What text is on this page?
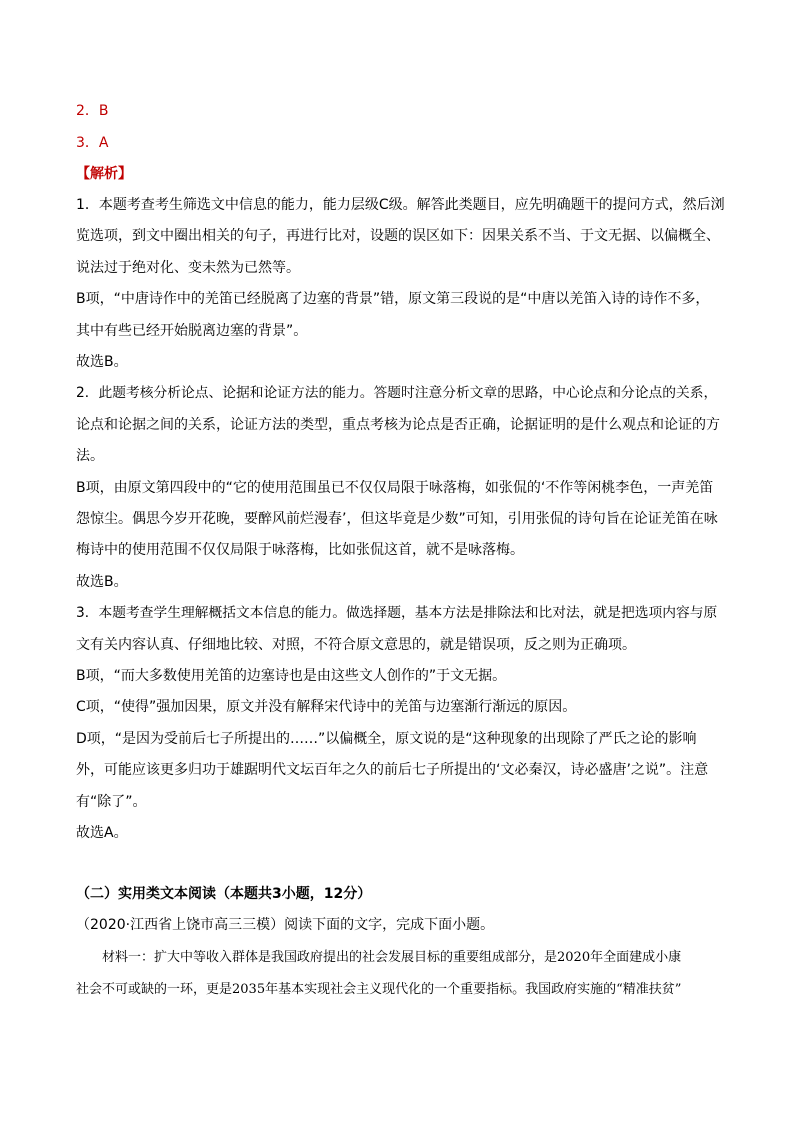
2．B
3．A
【解析】
1．本题考查考生筛选文中信息的能力，能力层级C级。解答此类题目，应先明确题干的提问方式，然后浏
览选项，到文中圈出相关的句子，再进行比对，设题的误区如下：因果关系不当、于文无据、以偏概全、
说法过于绝对化、变未然为已然等。
B项，“中唐诗作中的羌笛已经脱离了边塞的背景”错，原文第三段说的是“中唐以羌笛入诗的诗作不多，
其中有些已经开始脱离边塞的背景”。
故选B。
2．此题考核分析论点、论据和论证方法的能力。答题时注意分析文章的思路，中心论点和分论点的关系，
论点和论据之间的关系，论证方法的类型，重点考核为论点是否正确，论据证明的是什么观点和论证的方
法。
B项，由原文第四段中的“它的使用范围虽已不仅仅局限于咏落梅，如张侃的‘不作等闲桃李色，一声羌笛
怨惊尘。偶思今岁开花晚，要醉风前烂漫春’，但这毕竟是少数”可知，引用张侃的诗句旨在论证羌笛在咏
梅诗中的使用范围不仅仅局限于咏落梅，比如张侃这首，就不是咏落梅。
故选B。
3．本题考查学生理解概括文本信息的能力。做选择题，基本方法是排除法和比对法，就是把选项内容与原
文有关内容认真、仔细地比较、对照，不符合原文意思的，就是错误项，反之则为正确项。
B项，“而大多数使用羌笛的边塞诗也是由这些文人创作的”于文无据。
C项，“使得”强加因果，原文并没有解释宋代诗中的羌笛与边塞渐行渐远的原因。
D项，“是因为受前后七子所提出的……”以偏概全，原文说的是“这种现象的出现除了严氏之论的影响
外，可能应该更多归功于雄踞明代文坛百年之久的前后七子所提出的‘文必秦汉，诗必盛唐’之说”。注意
有“除了”。
故选A。
（二）实用类文本阅读（本题共3小题，12分）
（2020·江西省上饶市高三三模）阅读下面的文字，完成下面小题。
　　材料一：扩大中等收入群体是我国政府提出的社会发展目标的重要组成部分，是2020年全面建成小康
社会不可或缺的一环，更是2035年基本实现社会主义现代化的一个重要指标。我国政府实施的“精准扶贫”
